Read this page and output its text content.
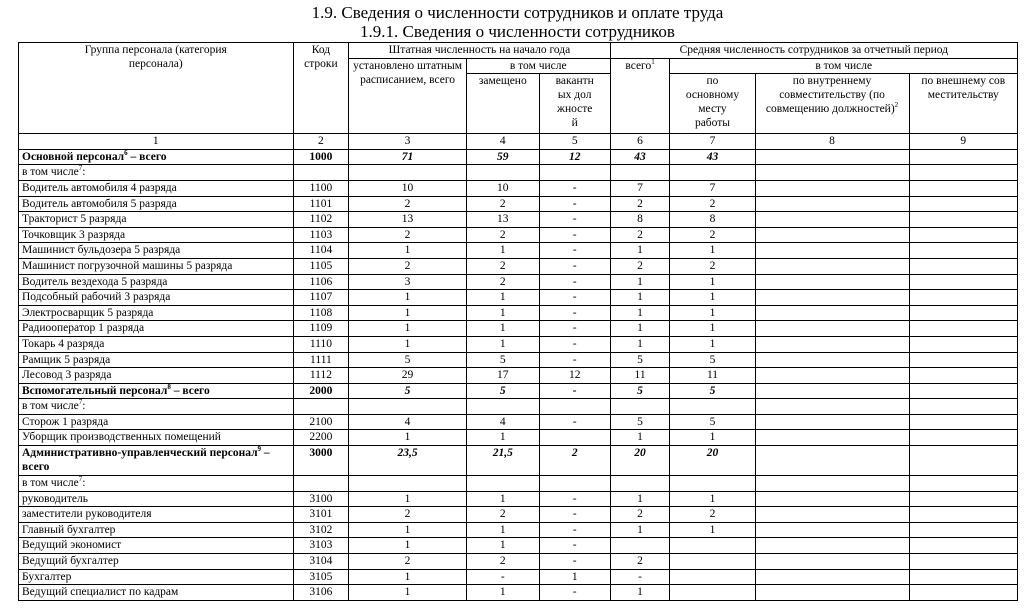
1.9. Сведения о численности сотрудников и оплате труда
1.9.1. Сведения о численности сотрудников
Группа персонала (категория персонала)	Код строки	Штатная численность на начало года			Средняя численность сотрудников за отчетный период			
		установлено штатным расписанием, всего	в том числе		всего$^1$	в том числе		
			замещено	вакантных должностей		по основному месту работы	по внутреннему совместительству (по совмещению должностей)$^2$	по внешнему совместительству

1	2	3	4	5	6	7	8	9
Основной персонал$^6$ – всего	1000	71	59	12	43	43		
в том числе$^7$:								
Водитель автомобиля 4 разряда	1100	10	10	-	7	7		
Водитель автомобиля 5 разряда	1101	2	2	-	2	2		
Тракторист 5 разряда	1102	13	13	-	8	8		
Точковщик 3 разряда	1103	2	2	-	2	2		
Машинист бульдозера 5 разряда	1104	1	1	-	1	1		
Машинист погрузочной машины 5 разряда	1105	2	2	-	2	2		
Водитель вездехода 5 разряда	1106	3	2	-	1	1		
Подсобный рабочий 3 разряда	1107	1	1	-	1	1		
Электросварщик 5 разряда	1108	1	1	-	1	1		
Радиооператор 1 разряда	1109	1	1	-	1	1		
Токарь 4 разряда	1110	1	1	-	1	1		
Рамщик 5 разряда	1111	5	5	-	5	5		
Лесовод 3 разряда	1112	29	17	12	11	11		
Вспомогательный персонал$^8$ – всего	2000	5	5	-	5	5		
в том числе$^7$:								
Сторож 1 разряда	2100	4	4	-	5	5		
Уборщик производственных помещений	2200	1	1		1	1		
Административно-управленческий персонал$^9$ – всего	3000	23,5	21,5	2	20	20		
в том числе$^7$:								
руководитель	3100	1	1	-	1	1		
заместители руководителя	3101	2	2	-	2	2		
Главный бухгалтер	3102	1	1	-	1	1		
Ведущий экономист	3103	1	1	-				
Ведущий бухгалтер	3104	2	2	-	2			
Бухгалтер	3105	1	-	1	-			
Ведущий специалист по кадрам	3106	1	1	-	1			
